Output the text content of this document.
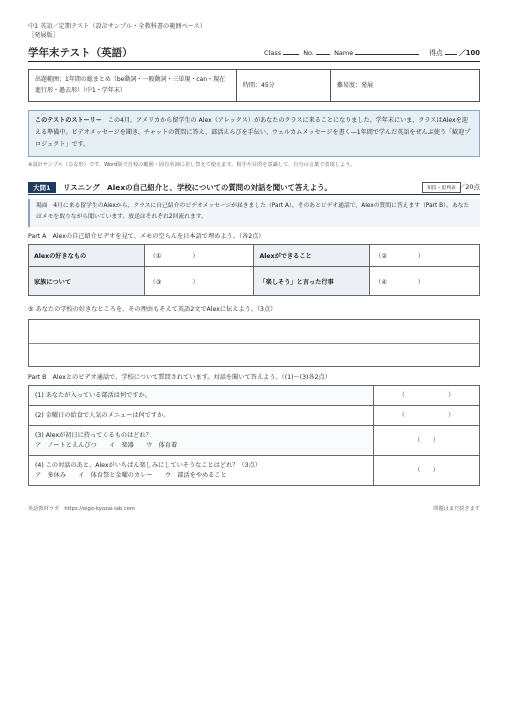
中1 英語／定期テスト（設計サンプル・全教科書の範囲ベース）
［発展版］
学年末テスト（英語）	Class	No.	Name	得点 ／100
出題範囲：1年間の総まとめ（be動詞・一般動詞・三単現・can・現在進行形・過去形）（中1・学年末）
時間：45分	難易度：発展
このテストのストーリー　 この4月、アメリカから留学生の Alex（アレックス）があなたのクラスに来ることになりました。学年末にいま、クラスはAlexを迎える準備中。ビデオメッセージを聞き、チャットの質問に答え、部活えらびを手伝い、ウェルカムメッセージを書く—1年間で学んだ英語をぜんぶ使う「歓迎プロジェクト」です。
※設計サンプル（ひな形）です。Word版で自校の範囲・固有名詞に差し替えて使えます。相手や目的を意識して、自分の言葉で表現しよう。
大問1	リスニング　Alexの自己紹介と、学校についての質問の対話を聞いて答えよう。	知技・思判表 ／20点
場面　4月に来る留学生のAlexから、クラスに自己紹介のビデオメッセージが届きました（Part A）。そのあとビデオ通話で、Alexの質問に答えます（Part B）。あなたはメモを取りながら聞いています。放送はそれぞれ2回流れます。
Part A　Alexの自己紹介ビデオを見て、メモの空らんを日本語で埋めよう。（各2点）
Alexの好きなもの	（①　　　　　）	Alexができること	（②　　　　　）
家族について	（③　　　　　）	「楽しそう」と言った行事	（④　　　　　）
⑤ あなたの学校の好きなところを、その理由もそえて英語2文でAlexに伝えよう。（3点）
Part B　Alexとのビデオ通話で、学校について質問されています。対話を聞いて答えよう。（(1)〜(3)各2点）
(1) あなたが入っている部活は何ですか。	（　　　　　　　）

(2) 金曜日の給食で人気のメニューは何ですか。	（　　　　　　　）

(3) Alexが初日に持ってくるものはどれ？
ア　ノートとえんぴつ　　イ　楽器　　ウ　体育着	（　　）

(4) この対話のあと、Alexがいちばん楽しみにしていそうなことはどれ？（3点）
ア　多休み　　イ　体育祭と金曜のカレー　　ウ　部活をやめること	（　　）
英語教材ラボ　https://eigo-kyozai-lab.com	問題はまだ続きます
